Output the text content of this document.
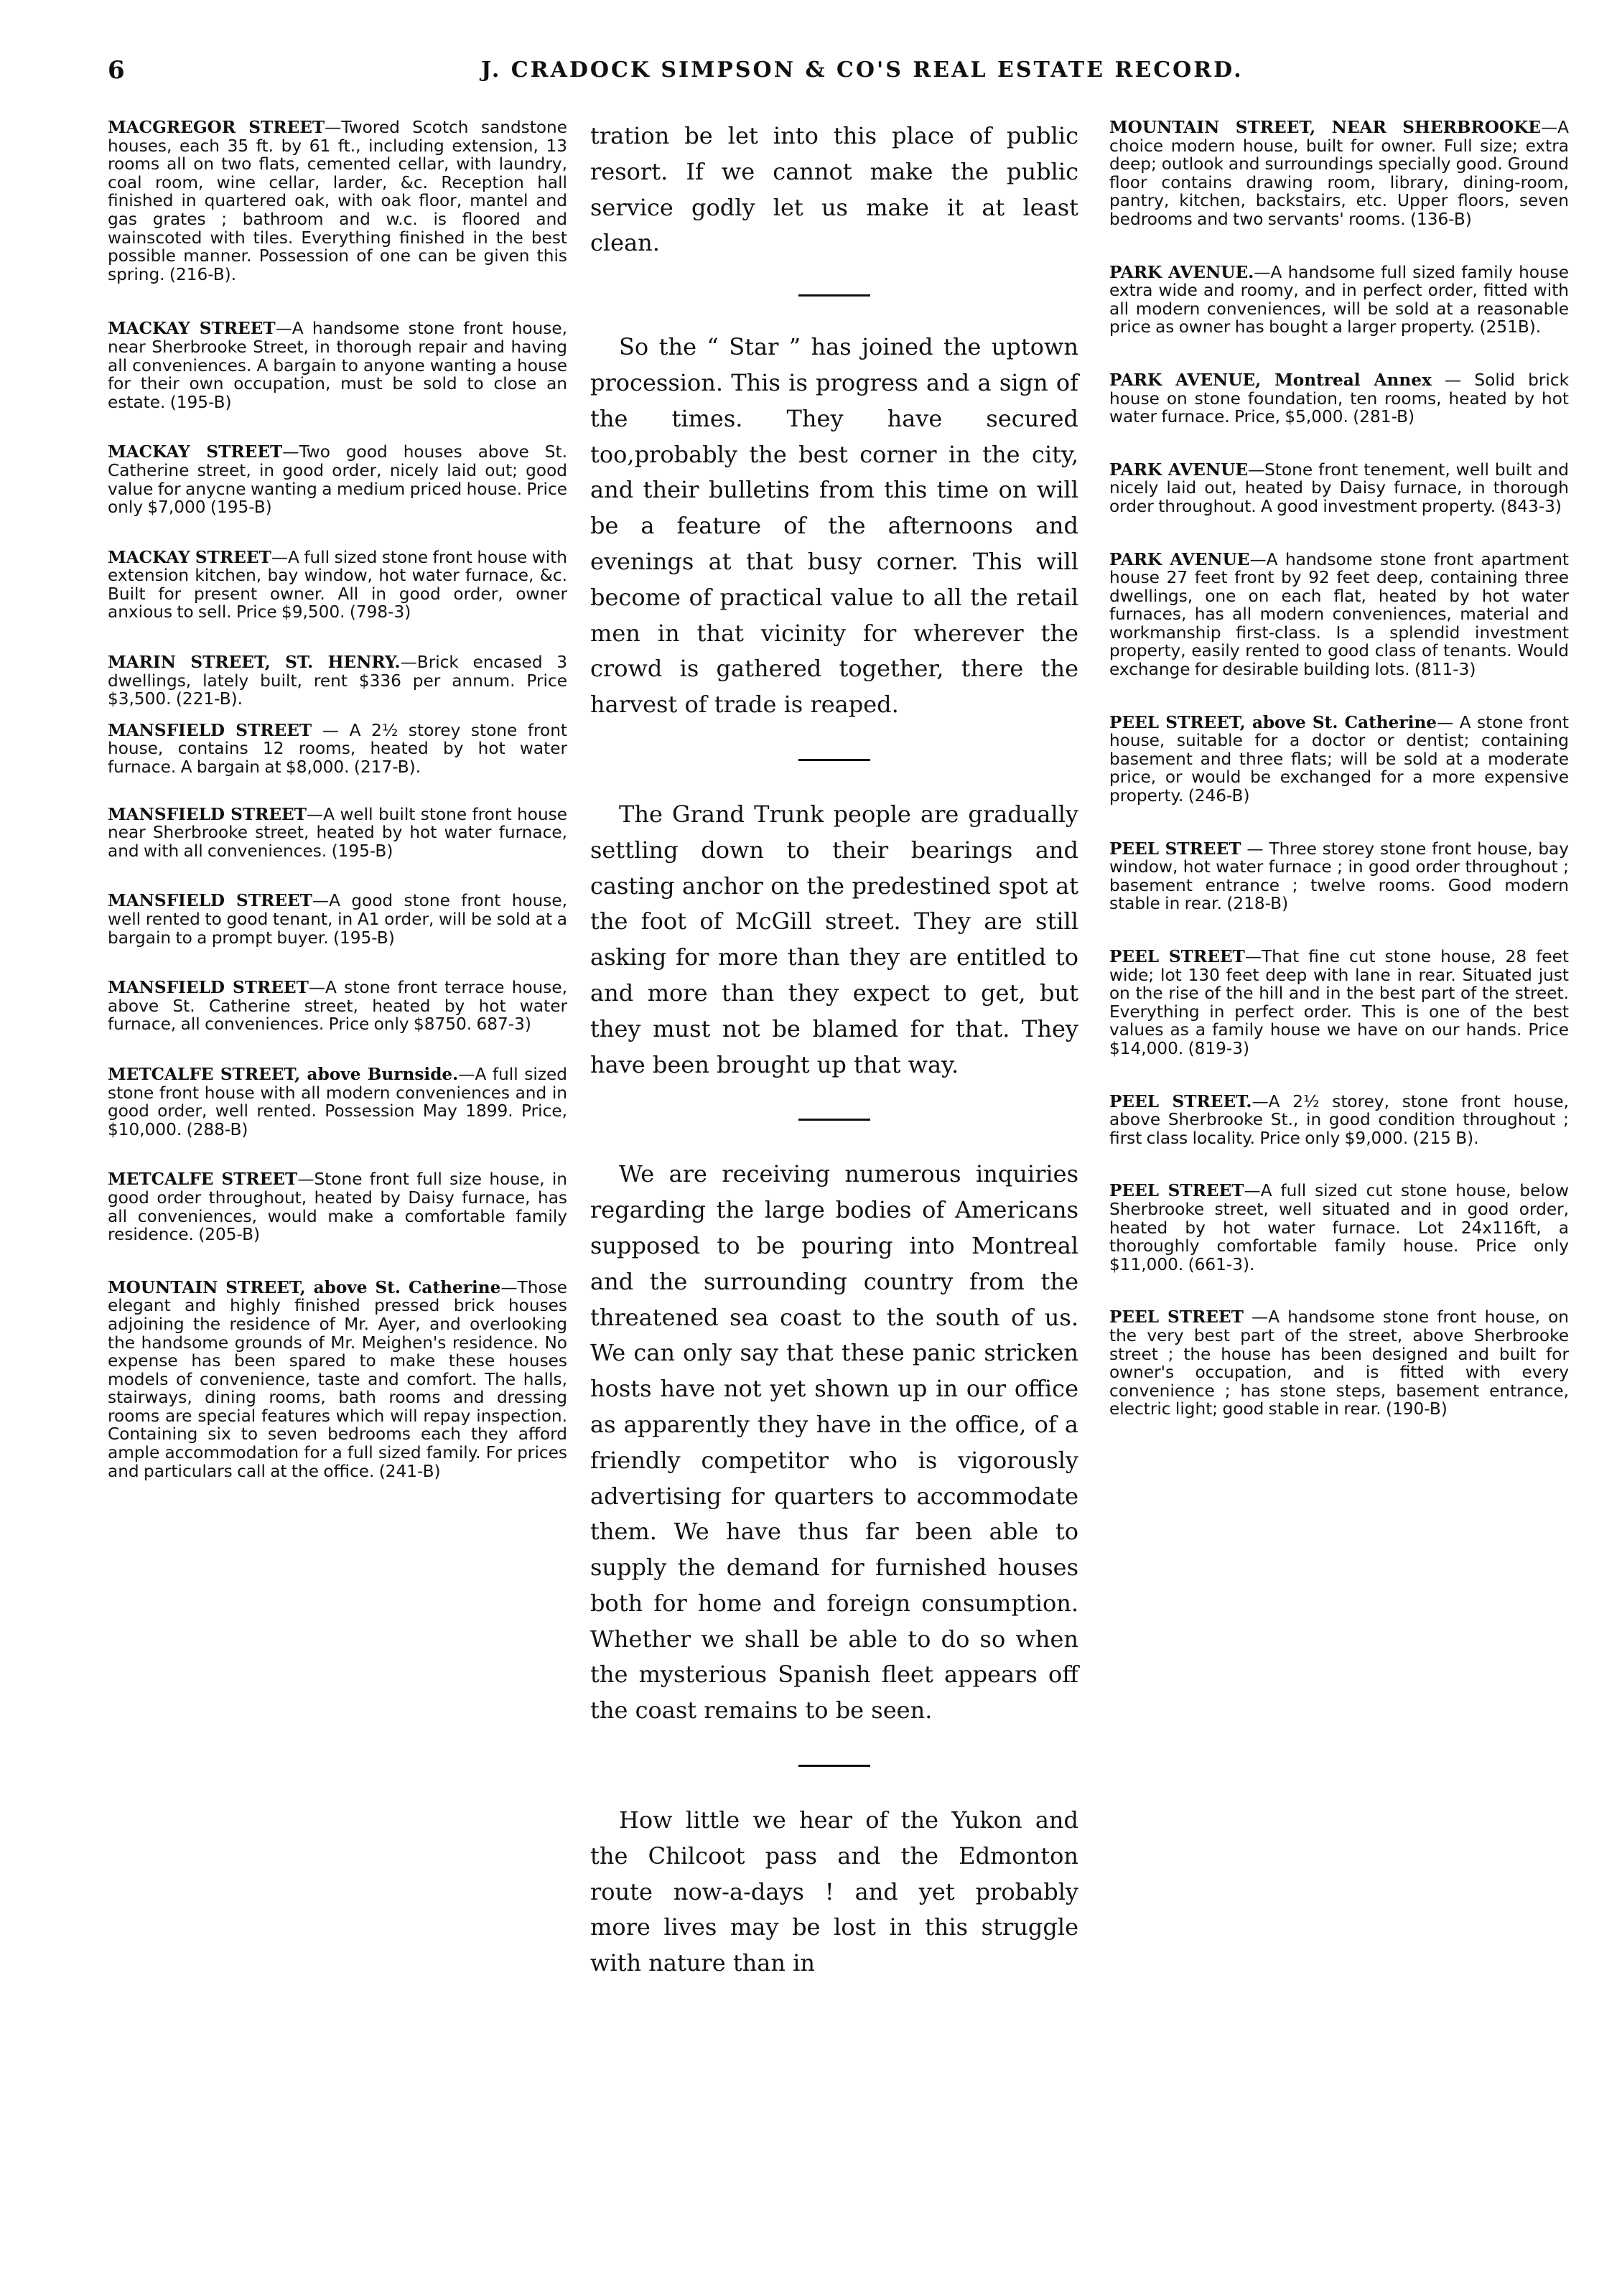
6	J. CRADOCK SIMPSON & CO'S REAL ESTATE RECORD.

MACGREGOR STREET—Twored Scotch sandstone houses, each 35 ft. by 61 ft., including extension, 13 rooms all on two flats, cemented cellar, with laundry, coal room, wine cellar, larder, &c. Reception hall finished in quartered oak, with oak floor, mantel and gas grates ; bathroom and w.c. is floored and wainscoted with tiles. Everything finished in the best possible manner. Possession of one can be given this spring. (216-B).

MACKAY STREET—A handsome stone front house, near Sherbrooke Street, in thorough repair and having all conveniences. A bargain to anyone wanting a house for their own occupation, must be sold to close an estate. (195-B)

MACKAY STREET—Two good houses above St. Catherine street, in good order, nicely laid out; good value for anycne wanting a medium priced house. Price only $7,000 (195-B)

MACKAY STREET—A full sized stone front house with extension kitchen, bay window, hot water furnace, &c. Built for present owner. All in good order, owner anxious to sell. Price $9,500. (798-3)

MARIN STREET, ST. HENRY.—Brick encased 3 dwellings, lately built, rent $336 per annum. Price $3,500. (221-B).

MANSFIELD STREET — A 2½ storey stone front house, contains 12 rooms, heated by hot water furnace. A bargain at $8,000. (217-B).

MANSFIELD STREET—A well built stone front house near Sherbrooke street, heated by hot water furnace, and with all conveniences. (195-B)

MANSFIELD STREET—A good stone front house, well rented to good tenant, in A1 order, will be sold at a bargain to a prompt buyer. (195-B)

MANSFIELD STREET—A stone front terrace house, above St. Catherine street, heated by hot water furnace, all conveniences. Price only $8750. 687-3)

METCALFE STREET, above Burnside.—A full sized stone front house with all modern conveniences and in good order, well rented. Possession May 1899. Price, $10,000. (288-B)

METCALFE STREET—Stone front full size house, in good order throughout, heated by Daisy furnace, has all conveniences, would make a comfortable family residence. (205-B)

MOUNTAIN STREET, above St. Catherine—Those elegant and highly finished pressed brick houses adjoining the residence of Mr. Ayer, and overlooking the handsome grounds of Mr. Meighen's residence. No expense has been spared to make these houses models of convenience, taste and comfort. The halls, stairways, dining rooms, bath rooms and dressing rooms are special features which will repay inspection. Containing six to seven bedrooms each they afford ample accommodation for a full sized family. For prices and particulars call at the office. (241-B)

tration be let into this place of public resort. If we cannot make the public service godly let us make it at least clean.

So the “ Star ” has joined the uptown procession. This is progress and a sign of the times. They have secured too,probably the best corner in the city, and their bulletins from this time on will be a feature of the afternoons and evenings at that busy corner. This will become of practical value to all the retail men in that vicinity for wherever the crowd is gathered together, there the harvest of trade is reaped.

The Grand Trunk people are gradually settling down to their bearings and casting anchor on the predestined spot at the foot of McGill street. They are still asking for more than they are entitled to and more than they expect to get, but they must not be blamed for that. They have been brought up that way.

We are receiving numerous inquiries regarding the large bodies of Americans supposed to be pouring into Montreal and the surrounding country from the threatened sea coast to the south of us. We can only say that these panic stricken hosts have not yet shown up in our office as apparently they have in the office, of a friendly competitor who is vigorously advertising for quarters to accommodate them. We have thus far been able to supply the demand for furnished houses both for home and foreign consumption. Whether we shall be able to do so when the mysterious Spanish fleet appears off the coast remains to be seen.

How little we hear of the Yukon and the Chilcoot pass and the Edmonton route now-a-days ! and yet probably more lives may be lost in this struggle with nature than in

MOUNTAIN STREET, NEAR SHERBROOKE—A choice modern house, built for owner. Full size; extra deep; outlook and surroundings specially good. Ground floor contains drawing room, library, dining-room, pantry, kitchen, backstairs, etc. Upper floors, seven bedrooms and two servants' rooms. (136-B)

PARK AVENUE.—A handsome full sized family house extra wide and roomy, and in perfect order, fitted with all modern conveniences, will be sold at a reasonable price as owner has bought a larger property. (251B).

PARK AVENUE, Montreal Annex — Solid brick house on stone foundation, ten rooms, heated by hot water furnace. Price, $5,000. (281-B)

PARK AVENUE—Stone front tenement, well built and nicely laid out, heated by Daisy furnace, in thorough order throughout. A good investment property. (843-3)

PARK AVENUE—A handsome stone front apartment house 27 feet front by 92 feet deep, containing three dwellings, one on each flat, heated by hot water furnaces, has all modern conveniences, material and workmanship first-class. Is a splendid investment property, easily rented to good class of tenants. Would exchange for desirable building lots. (811-3)

PEEL STREET, above St. Catherine— A stone front house, suitable for a doctor or dentist; containing basement and three flats; will be sold at a moderate price, or would be exchanged for a more expensive property. (246-B)

PEEL STREET — Three storey stone front house, bay window, hot water furnace ; in good order throughout ; basement entrance ; twelve rooms. Good modern stable in rear. (218-B)

PEEL STREET—That fine cut stone house, 28 feet wide; lot 130 feet deep with lane in rear. Situated just on the rise of the hill and in the best part of the street. Everything in perfect order. This is one of the best values as a family house we have on our hands. Price $14,000. (819-3)

PEEL STREET.—A 2½ storey, stone front house, above Sherbrooke St., in good condition throughout ; first class locality. Price only $9,000. (215 B).

PEEL STREET—A full sized cut stone house, below Sherbrooke street, well situated and in good order, heated by hot water furnace. Lot 24x116ft, a thoroughly comfortable family house. Price only $11,000. (661-3).

PEEL STREET —A handsome stone front house, on the very best part of the street, above Sherbrooke street ; the house has been designed and built for owner's occupation, and is fitted with every convenience ; has stone steps, basement entrance, electric light; good stable in rear. (190-B)
